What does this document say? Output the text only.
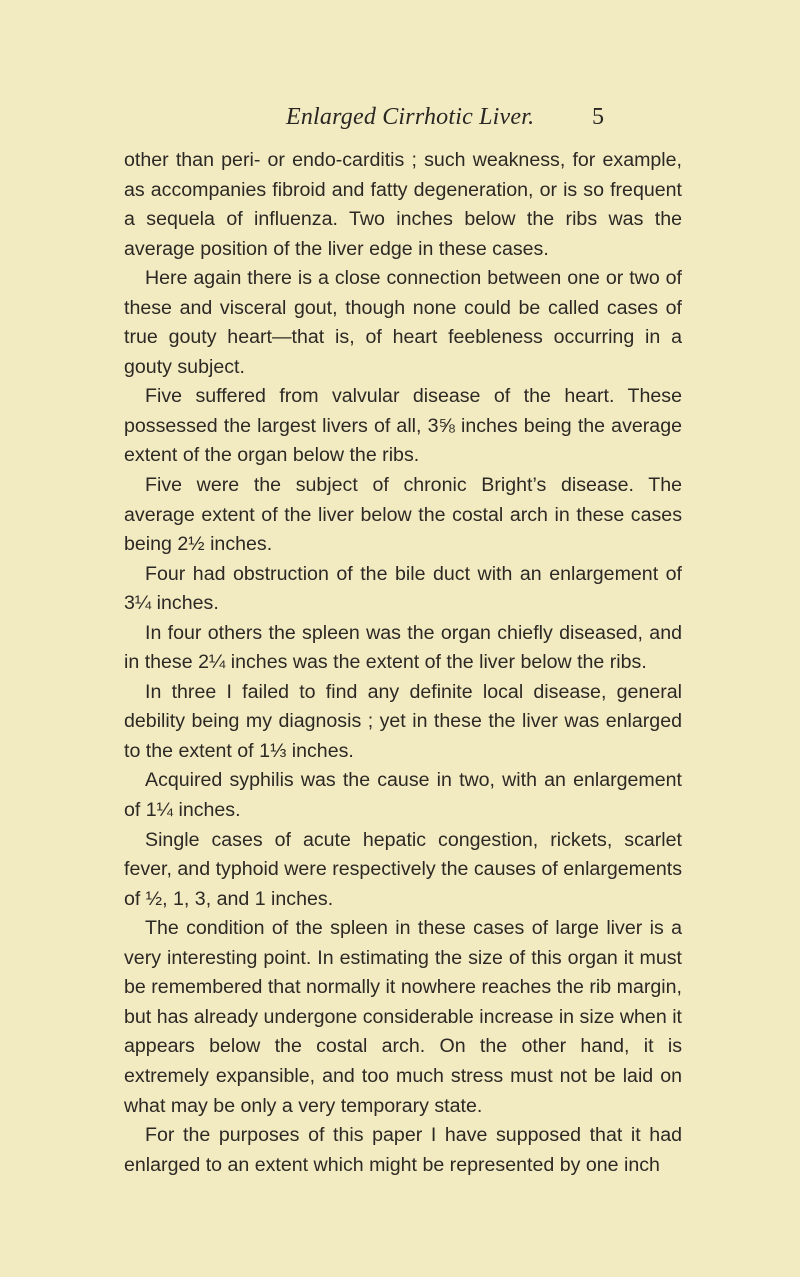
Enlarged Cirrhotic Liver. 5

other than peri- or endo-carditis ; such weakness, for example, as accompanies fibroid and fatty degeneration, or is so frequent a sequela of influenza. Two inches below the ribs was the average position of the liver edge in these cases.

Here again there is a close connection between one or two of these and visceral gout, though none could be called cases of true gouty heart—that is, of heart feebleness occurring in a gouty subject.

Five suffered from valvular disease of the heart. These possessed the largest livers of all, 3⅝ inches being the average extent of the organ below the ribs.

Five were the subject of chronic Bright’s disease. The average extent of the liver below the costal arch in these cases being 2½ inches.

Four had obstruction of the bile duct with an enlargement of 3¼ inches.

In four others the spleen was the organ chiefly diseased, and in these 2¼ inches was the extent of the liver below the ribs.

In three I failed to find any definite local disease, general debility being my diagnosis ; yet in these the liver was enlarged to the extent of 1⅓ inches.

Acquired syphilis was the cause in two, with an enlargement of 1¼ inches.

Single cases of acute hepatic congestion, rickets, scarlet fever, and typhoid were respectively the causes of enlargements of ½, 1, 3, and 1 inches.

The condition of the spleen in these cases of large liver is a very interesting point. In estimating the size of this organ it must be remembered that normally it nowhere reaches the rib margin, but has already undergone considerable increase in size when it appears below the costal arch. On the other hand, it is extremely expansible, and too much stress must not be laid on what may be only a very temporary state.

For the purposes of this paper I have supposed that it had enlarged to an extent which might be represented by one inch
